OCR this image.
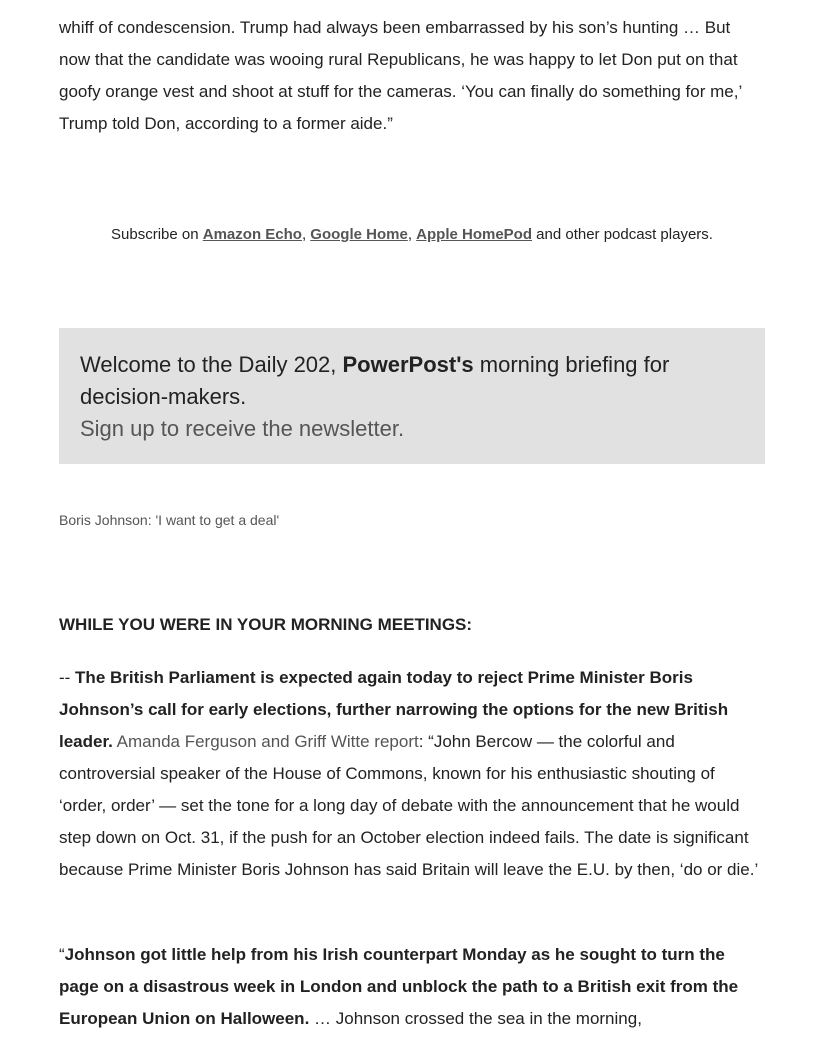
whiff of condescension. Trump had always been embarrassed by his son’s hunting … But now that the candidate was wooing rural Republicans, he was happy to let Don put on that goofy orange vest and shoot at stuff for the cameras. ‘You can finally do something for me,’ Trump told Don, according to a former aide.”

Subscribe on Amazon Echo, Google Home, Apple HomePod and other podcast players.

Welcome to the Daily 202, PowerPost's morning briefing for decision-makers.

Sign up to receive the newsletter.

Boris Johnson: 'I want to get a deal'

WHILE YOU WERE IN YOUR MORNING MEETINGS:

-- The British Parliament is expected again today to reject Prime Minister Boris Johnson’s call for early elections, further narrowing the options for the new British leader. Amanda Ferguson and Griff Witte report: “John Bercow — the colorful and controversial speaker of the House of Commons, known for his enthusiastic shouting of ‘order, order’ — set the tone for a long day of debate with the announcement that he would step down on Oct. 31, if the push for an October election indeed fails. The date is significant because Prime Minister Boris Johnson has said Britain will leave the E.U. by then, ‘do or die.’

“Johnson got little help from his Irish counterpart Monday as he sought to turn the page on a disastrous week in London and unblock the path to a British exit from the European Union on Halloween. … Johnson crossed the sea in the morning,
